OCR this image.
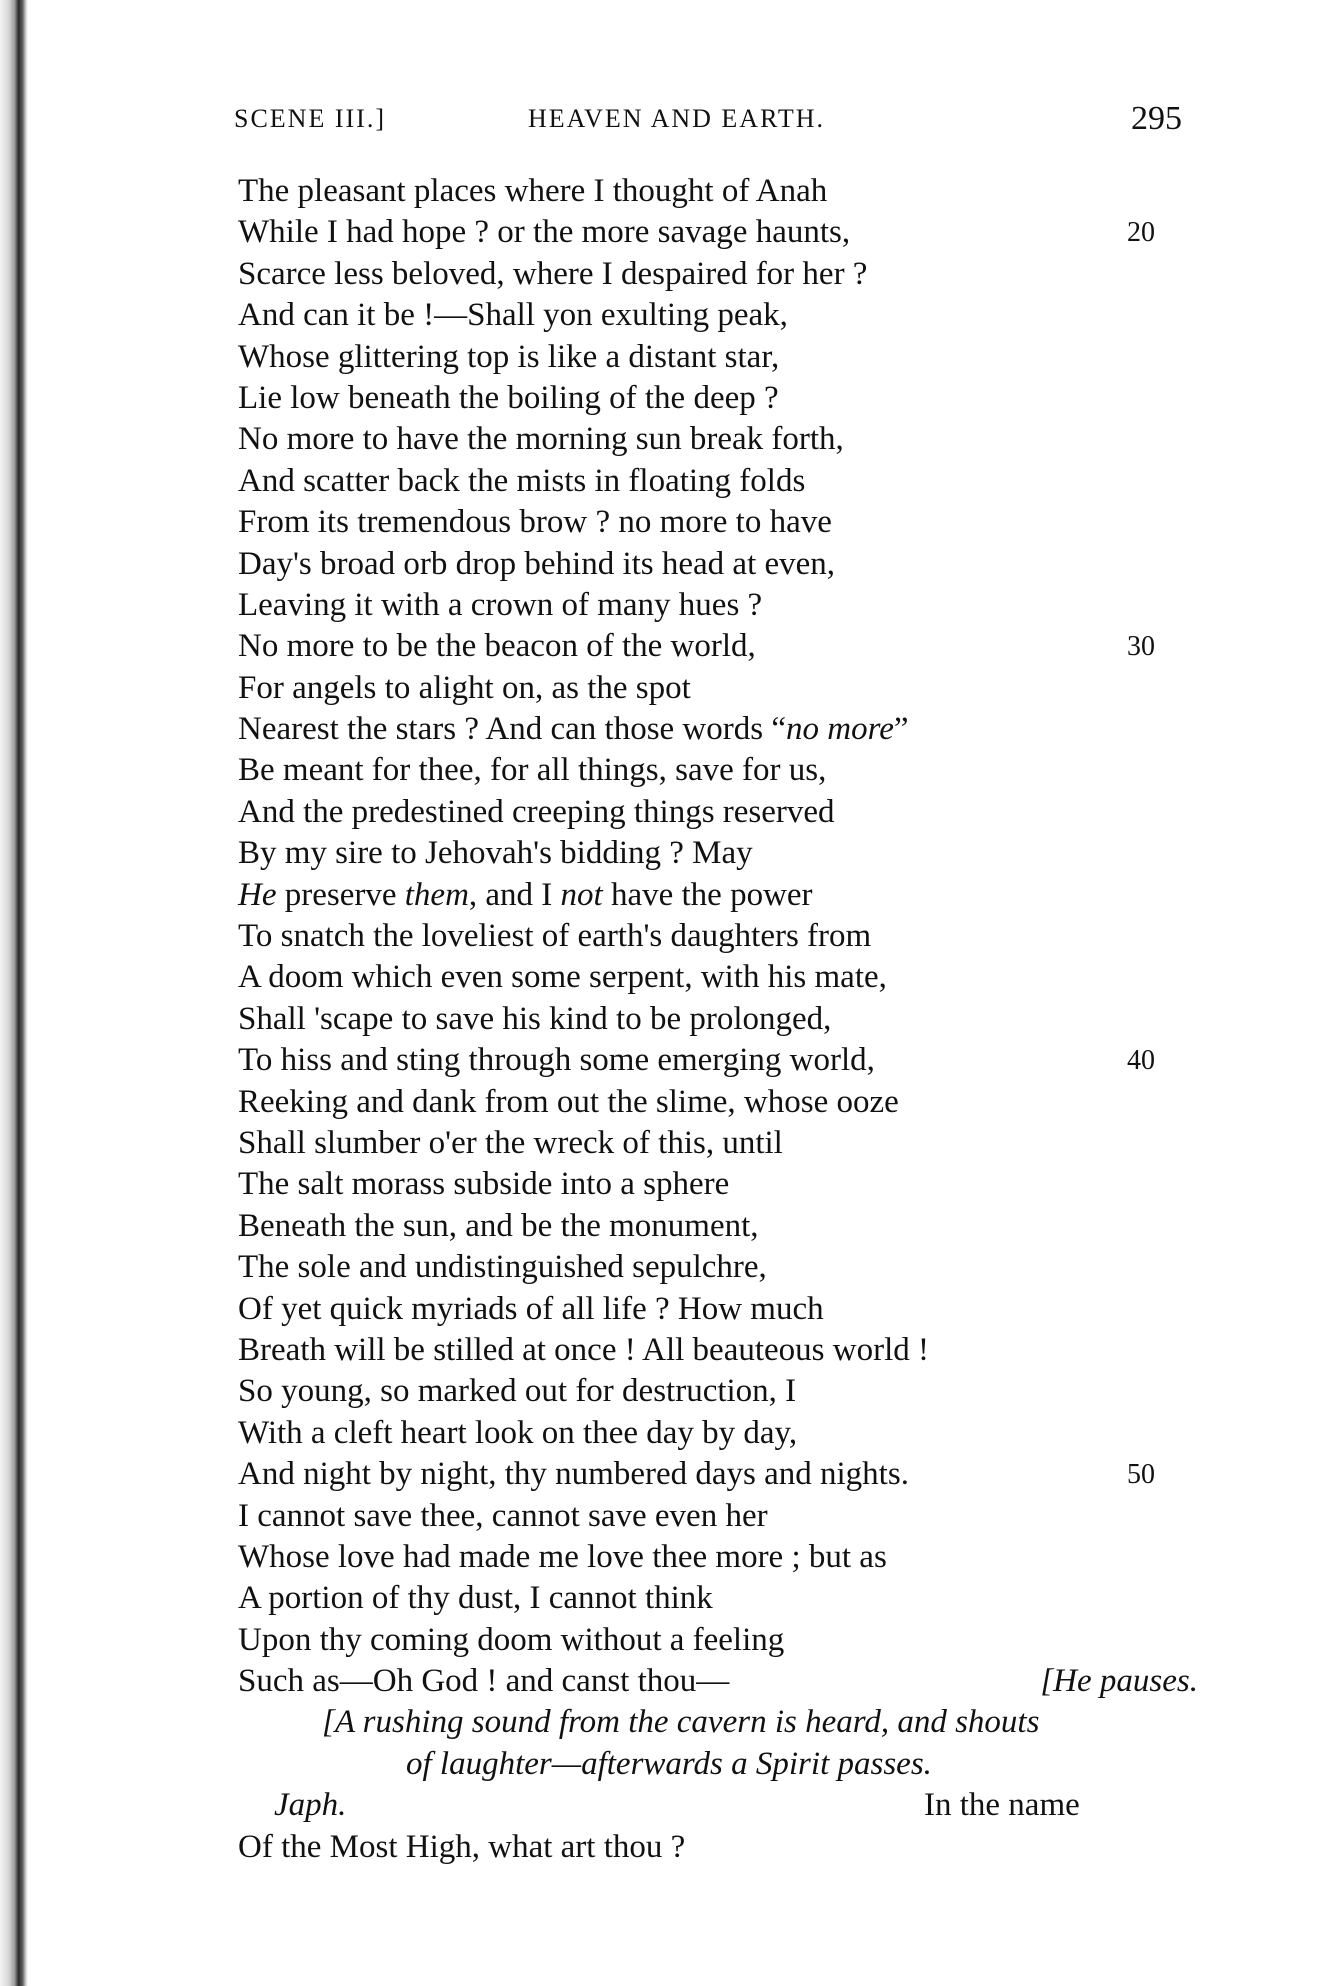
SCENE III.]	HEAVEN AND EARTH.	295
The pleasant places where I thought of Anah
While I had hope ? or the more savage haunts,	20
Scarce less beloved, where I despaired for her ?
And can it be !—Shall yon exulting peak,
Whose glittering top is like a distant star,
Lie low beneath the boiling of the deep ?
No more to have the morning sun break forth,
And scatter back the mists in floating folds
From its tremendous brow ? no more to have
Day's broad orb drop behind its head at even,
Leaving it with a crown of many hues ?
No more to be the beacon of the world,	30
For angels to alight on, as the spot
Nearest the stars ? And can those words “no more”
Be meant for thee, for all things, save for us,
And the predestined creeping things reserved
By my sire to Jehovah's bidding ? May
He preserve them, and I not have the power
To snatch the loveliest of earth's daughters from
A doom which even some serpent, with his mate,
Shall 'scape to save his kind to be prolonged,
To hiss and sting through some emerging world,	40
Reeking and dank from out the slime, whose ooze
Shall slumber o'er the wreck of this, until
The salt morass subside into a sphere
Beneath the sun, and be the monument,
The sole and undistinguished sepulchre,
Of yet quick myriads of all life ? How much
Breath will be stilled at once ! All beauteous world !
So young, so marked out for destruction, I
With a cleft heart look on thee day by day,
And night by night, thy numbered days and nights.	50
I cannot save thee, cannot save even her
Whose love had made me love thee more ; but as
A portion of thy dust, I cannot think
Upon thy coming doom without a feeling
Such as—Oh God ! and canst thou—	[He pauses.
[A rushing sound from the cavern is heard, and shouts
of laughter—afterwards a Spirit passes.
Japh.	In the name
Of the Most High, what art thou ?
